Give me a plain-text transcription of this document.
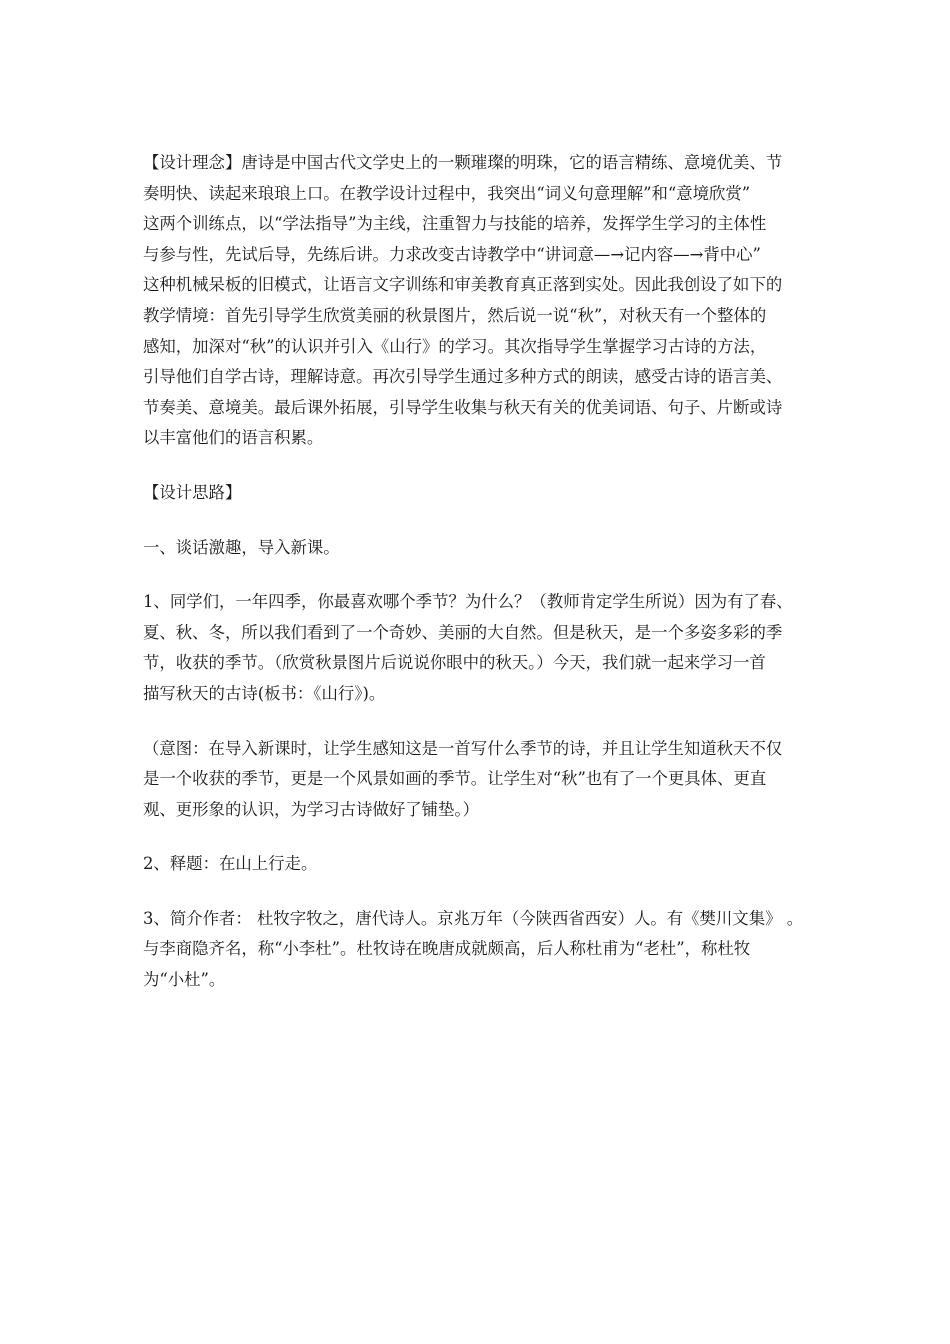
【设计理念】唐诗是中国古代文学史上的一颗璀璨的明珠，它的语言精练、意境优美、节
奏明快、读起来琅琅上口。在教学设计过程中，我突出“词义句意理解”和“意境欣赏”
这两个训练点，以“学法指导”为主线，注重智力与技能的培养，发挥学生学习的主体性
与参与性，先试后导，先练后讲。力求改变古诗教学中“讲词意—→记内容—→背中心”
这种机械呆板的旧模式，让语言文字训练和审美教育真正落到实处。因此我创设了如下的
教学情境：首先引导学生欣赏美丽的秋景图片，然后说一说“秋”，对秋天有一个整体的
感知，加深对“秋”的认识并引入《山行》的学习。其次指导学生掌握学习古诗的方法，
引导他们自学古诗，理解诗意。再次引导学生通过多种方式的朗读，感受古诗的语言美、
节奏美、意境美。最后课外拓展，引导学生收集与秋天有关的优美词语、句子、片断或诗
以丰富他们的语言积累。
【设计思路】
一、谈话激趣，导入新课。
1、同学们，一年四季，你最喜欢哪个季节？为什么？（教师肯定学生所说）因为有了春、
夏、秋、冬，所以我们看到了一个奇妙、美丽的大自然。但是秋天，是一个多姿多彩的季
节，收获的季节。（欣赏秋景图片后说说你眼中的秋天。）今天，我们就一起来学习一首
描写秋天的古诗(板书：《山行》)。
（意图：在导入新课时，让学生感知这是一首写什么季节的诗，并且让学生知道秋天不仅
是一个收获的季节，更是一个风景如画的季节。让学生对“秋”也有了一个更具体、更直
观、更形象的认识，为学习古诗做好了铺垫。）
2、释题：在山上行走。
3、简介作者： 杜牧字牧之，唐代诗人。京兆万年（今陕西省西安）人。有《樊川文集》 。
与李商隐齐名，称“小李杜”。杜牧诗在晚唐成就颇高，后人称杜甫为“老杜”，称杜牧
为“小杜”。
